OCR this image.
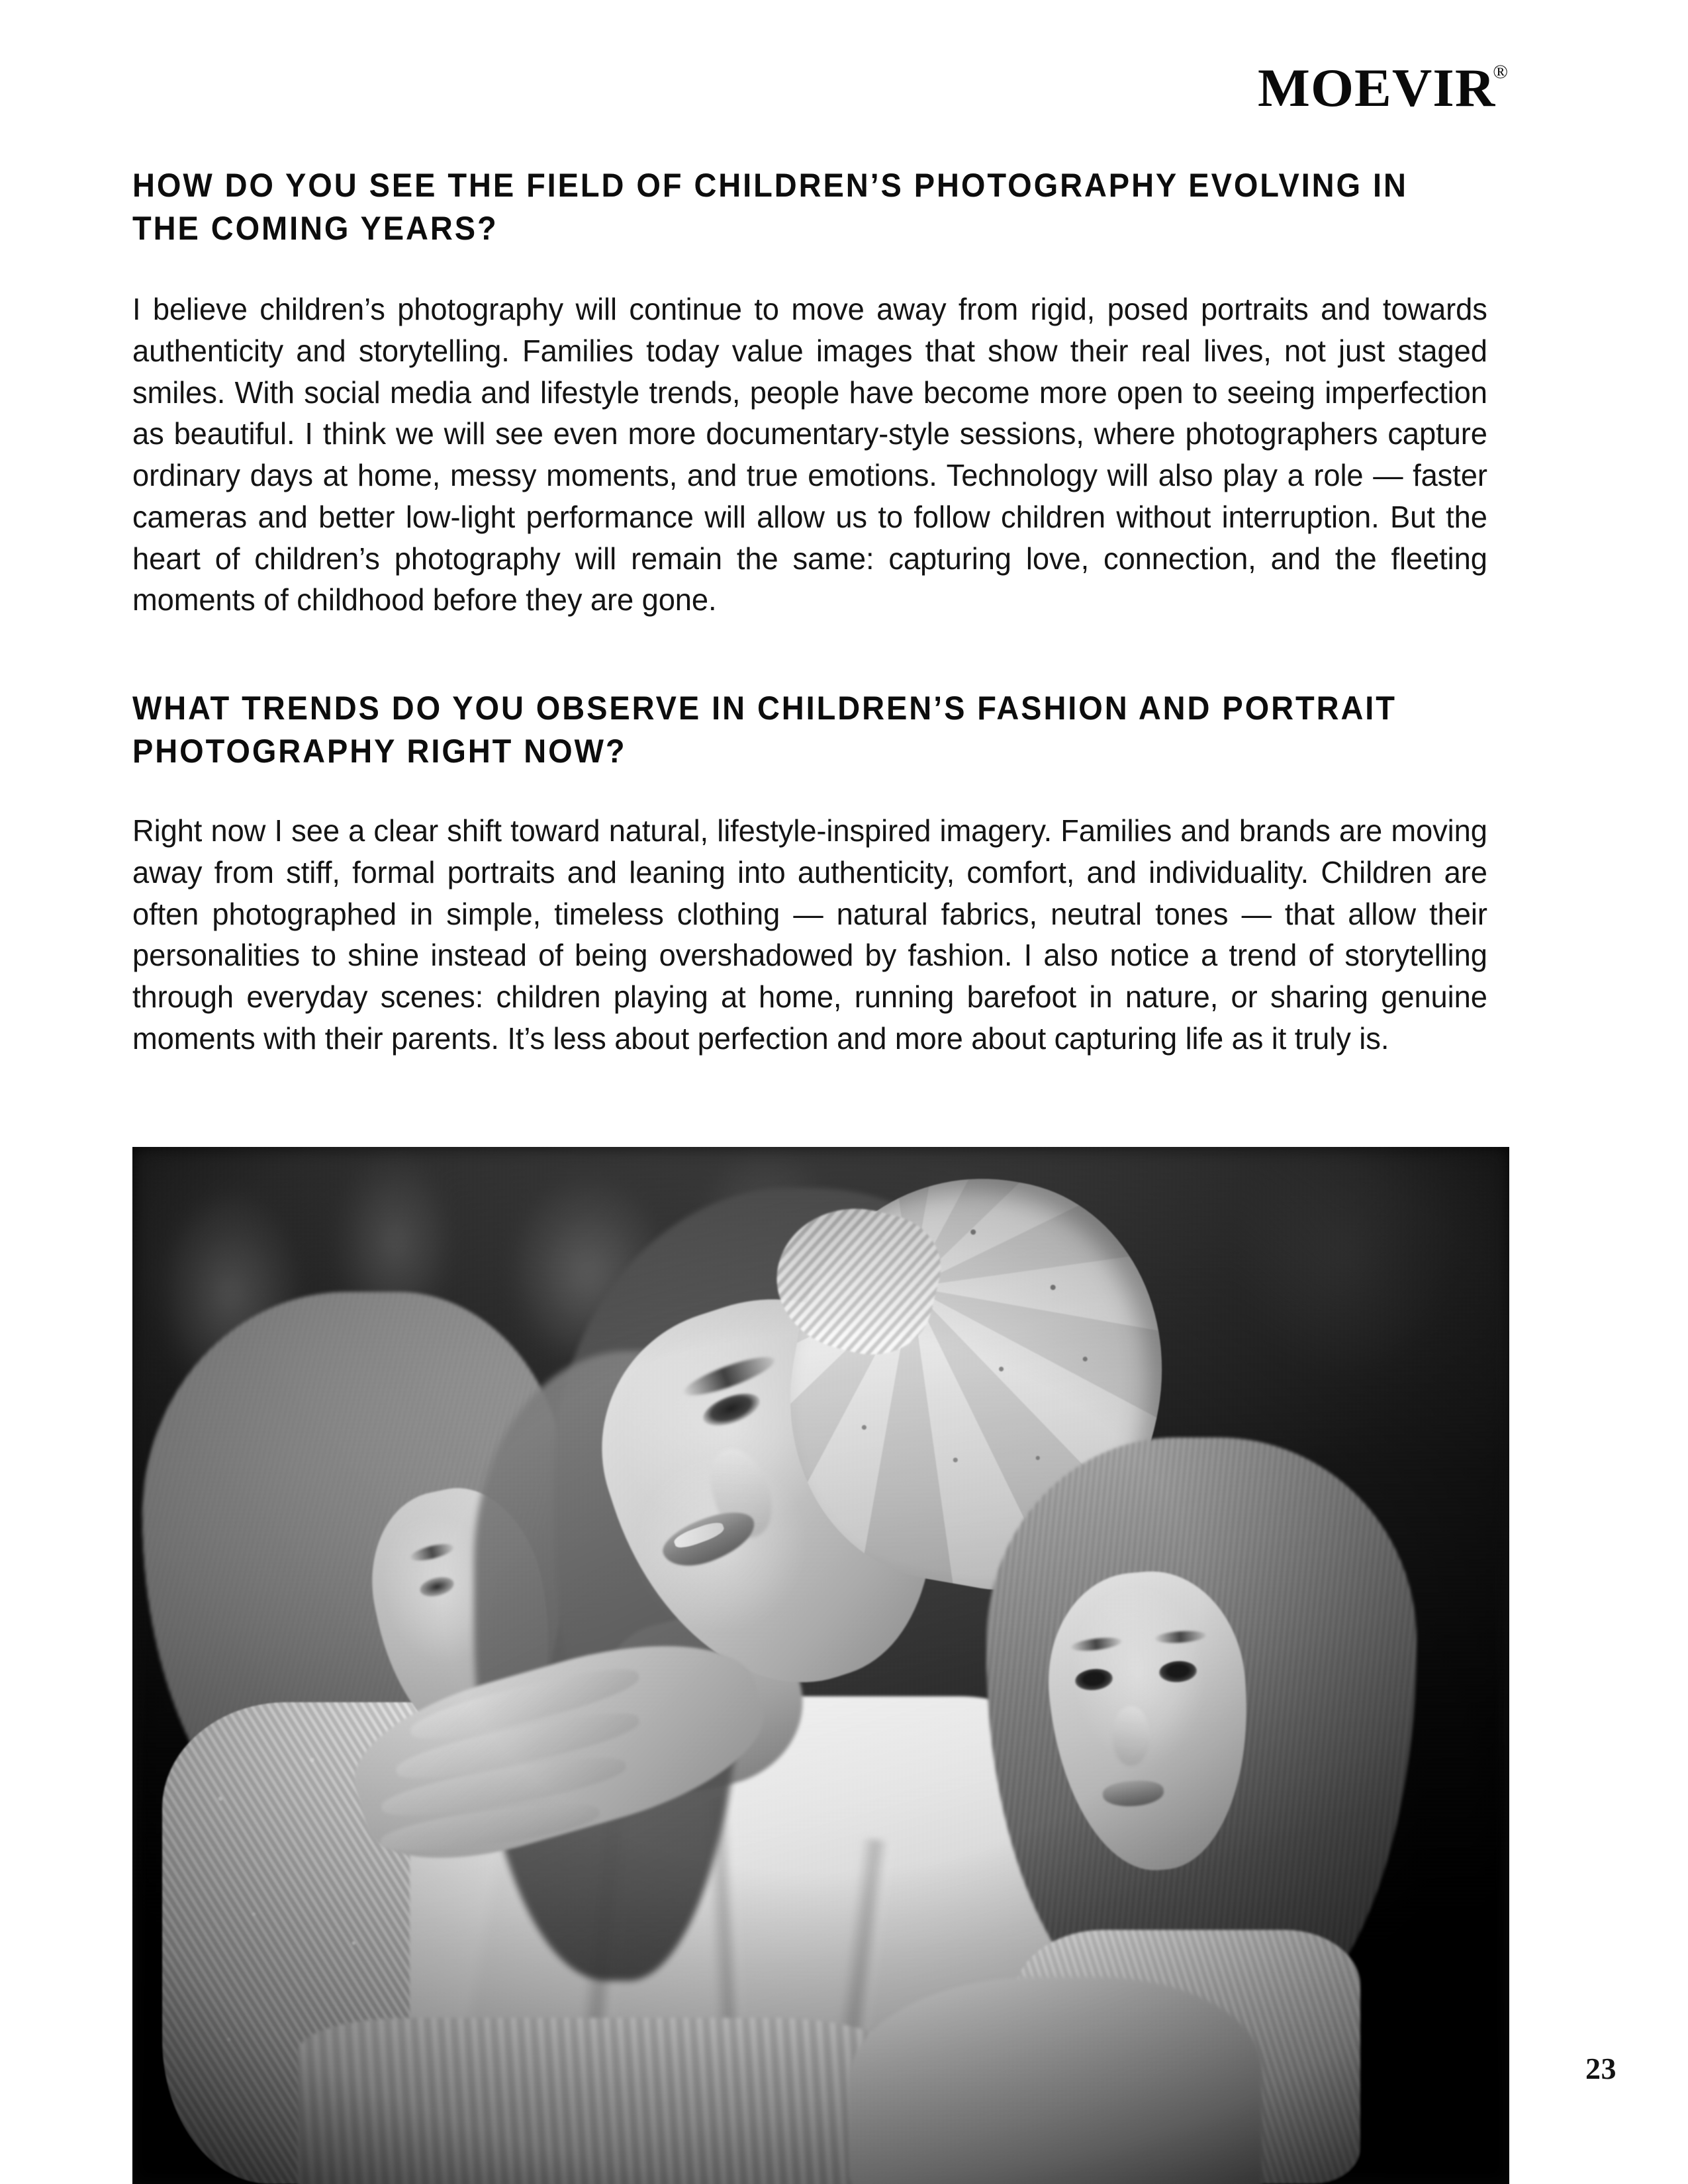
MOEVIR
®
HOW DO YOU SEE THE FIELD OF CHILDREN’S PHOTOGRAPHY EVOLVING IN THE COMING YEARS?

I believe children’s photography will continue to move away from rigid, posed portraits and towards authenticity and storytelling. Families today value images that show their real lives, not just staged smiles. With social media and lifestyle trends, people have become more open to seeing imperfection as beautiful. I think we will see even more documentary-style sessions, where photographers capture ordinary days at home, messy moments, and true emotions. Technology will also play a role — faster cameras and better low-light performance will allow us to follow children without interruption. But the heart of children’s photography will remain the same: capturing love, connection, and the fleeting moments of childhood before they are gone.

WHAT TRENDS DO YOU OBSERVE IN CHILDREN’S FASHION AND PORTRAIT PHOTOGRAPHY RIGHT NOW?

Right now I see a clear shift toward natural, lifestyle-inspired imagery. Families and brands are moving away from stiff, formal portraits and leaning into authenticity, comfort, and individuality. Children are often photographed in simple, timeless clothing — natural fabrics, neutral tones — that allow their personalities to shine instead of being overshadowed by fashion. I also notice a trend of storytelling through everyday scenes: children playing at home, running barefoot in nature, or sharing genuine moments with their parents. It’s less about perfection and more about capturing life as it truly is.

23
